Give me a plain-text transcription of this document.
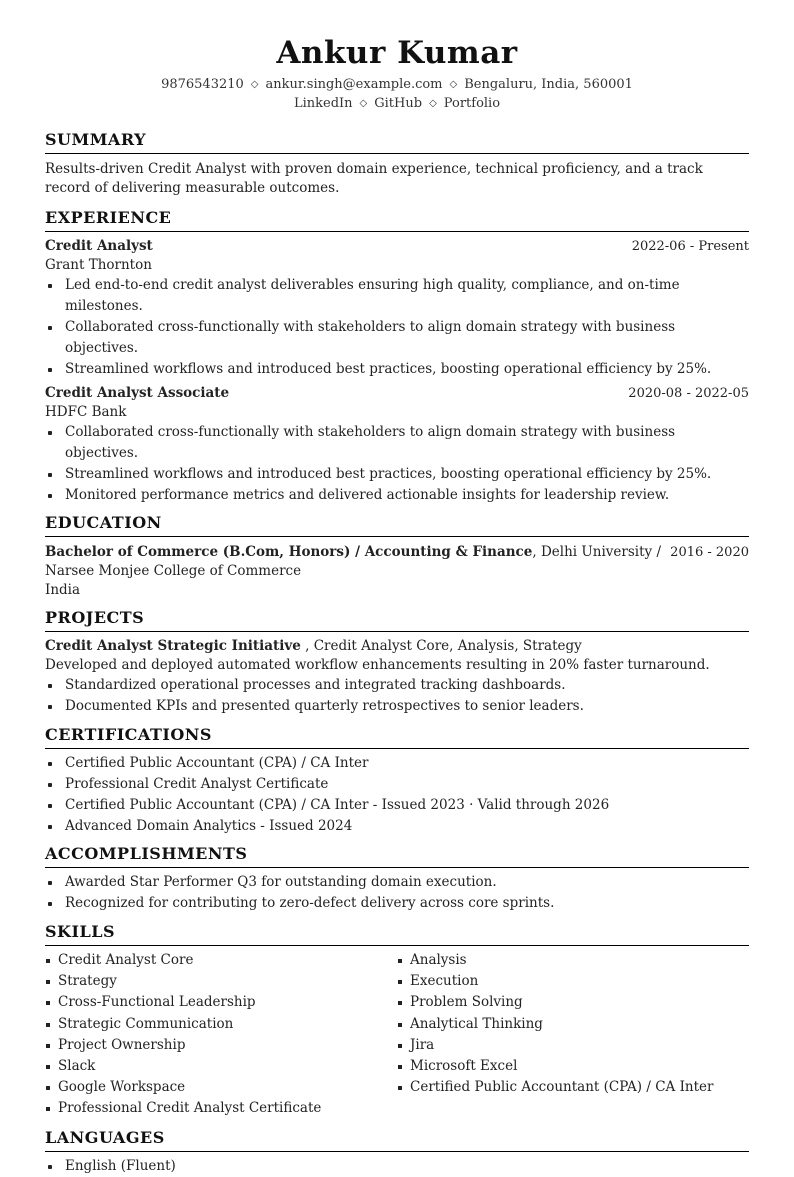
Ankur Kumar
9876543210 ◇ ankur.singh@example.com ◇ Bengaluru, India, 560001
LinkedIn ◇ GitHub ◇ Portfolio
SUMMARY
Results-driven Credit Analyst with proven domain experience, technical proficiency, and a track record of delivering measurable outcomes.
EXPERIENCE
Credit Analyst	2022-06 - Present
Grant Thornton
Led end-to-end credit analyst deliverables ensuring high quality, compliance, and on-time milestones.
Collaborated cross-functionally with stakeholders to align domain strategy with business objectives.
Streamlined workflows and introduced best practices, boosting operational efficiency by 25%.
Credit Analyst Associate	2020-08 - 2022-05
HDFC Bank
Collaborated cross-functionally with stakeholders to align domain strategy with business objectives.
Streamlined workflows and introduced best practices, boosting operational efficiency by 25%.
Monitored performance metrics and delivered actionable insights for leadership review.
EDUCATION
Bachelor of Commerce (B.Com, Honors) / Accounting & Finance, Delhi University / 2016 - 2020
Narsee Monjee College of Commerce
India
PROJECTS
Credit Analyst Strategic Initiative , Credit Analyst Core, Analysis, Strategy
Developed and deployed automated workflow enhancements resulting in 20% faster turnaround.
Standardized operational processes and integrated tracking dashboards.
Documented KPIs and presented quarterly retrospectives to senior leaders.
CERTIFICATIONS
Certified Public Accountant (CPA) / CA Inter
Professional Credit Analyst Certificate
Certified Public Accountant (CPA) / CA Inter - Issued 2023 · Valid through 2026
Advanced Domain Analytics - Issued 2024
ACCOMPLISHMENTS
Awarded Star Performer Q3 for outstanding domain execution.
Recognized for contributing to zero-defect delivery across core sprints.
SKILLS
Credit Analyst Core
Strategy
Cross-Functional Leadership
Strategic Communication
Project Ownership
Slack
Google Workspace
Professional Credit Analyst Certificate
Analysis
Execution
Problem Solving
Analytical Thinking
Jira
Microsoft Excel
Certified Public Accountant (CPA) / CA Inter
LANGUAGES
English (Fluent)
